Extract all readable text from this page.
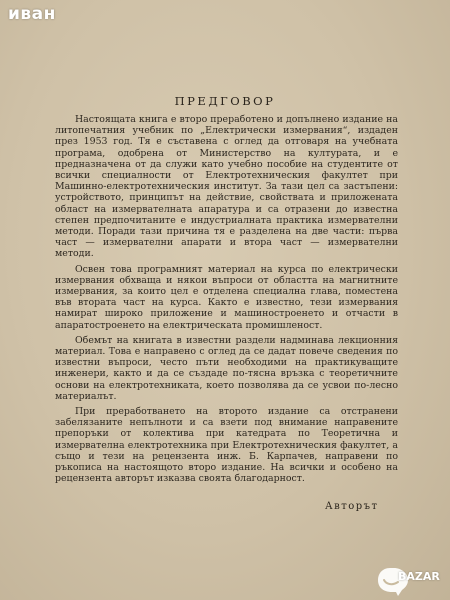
иван
ПРЕДГОВОР

Настоящата книга е второ преработено и допълнено издание на литопечатния учебник по „Електрически измервания“, издаден през 1953 год. Тя е съставена с оглед да отговаря на учебната програма, одобрена от Министерство на културата, и е предназначена от да служи като учебно пособие на студентите от всички специалности от Електротехническия факултет при Машинно-електротехническия институт. За тази цел са застъпени: устройството, принципът на действие, свойствата и приложената област на измервателната апаратура и са отразени до известна степен предпочитаните е индустриалната практика измервателни методи. Поради тази причина тя е разделена на две части: първа част — измервателни апарати и втора част — измервателни методи.

Освен това програмният материал на курса по електрически измервания обхваща и някои въпроси от областта на магнитните измервания, за които цел е отделена специална глава, поместена във втората част на курса. Както е известно, тези измервания намират широко приложение и машиностроенето и отчасти в апаратостроенето на електрическата промишленост.

Обемът на книгата в известни раздели надминава лекционния материал. Това е направено с оглед да се дадат повече сведения по известни въпроси, често пъти необходими на практикуващите инженери, както и да се създаде по-тясна връзка с теоретичните основи на електротехниката, което позволява да се усвои по-лесно материалът.

При преработването на второто издание са отстранени забелязаните непълноти и са взети под внимание направените препоръки от колектива при катедрата по Теоретична и измервателна електротехника при Електротехническия факултет, а също и тези на рецензента инж. Б. Карпачев, направени по ръкописа на настоящото второ издание. На всички и особено на рецензента авторът изказва своята благодарност.

Авторът
BAZAR
